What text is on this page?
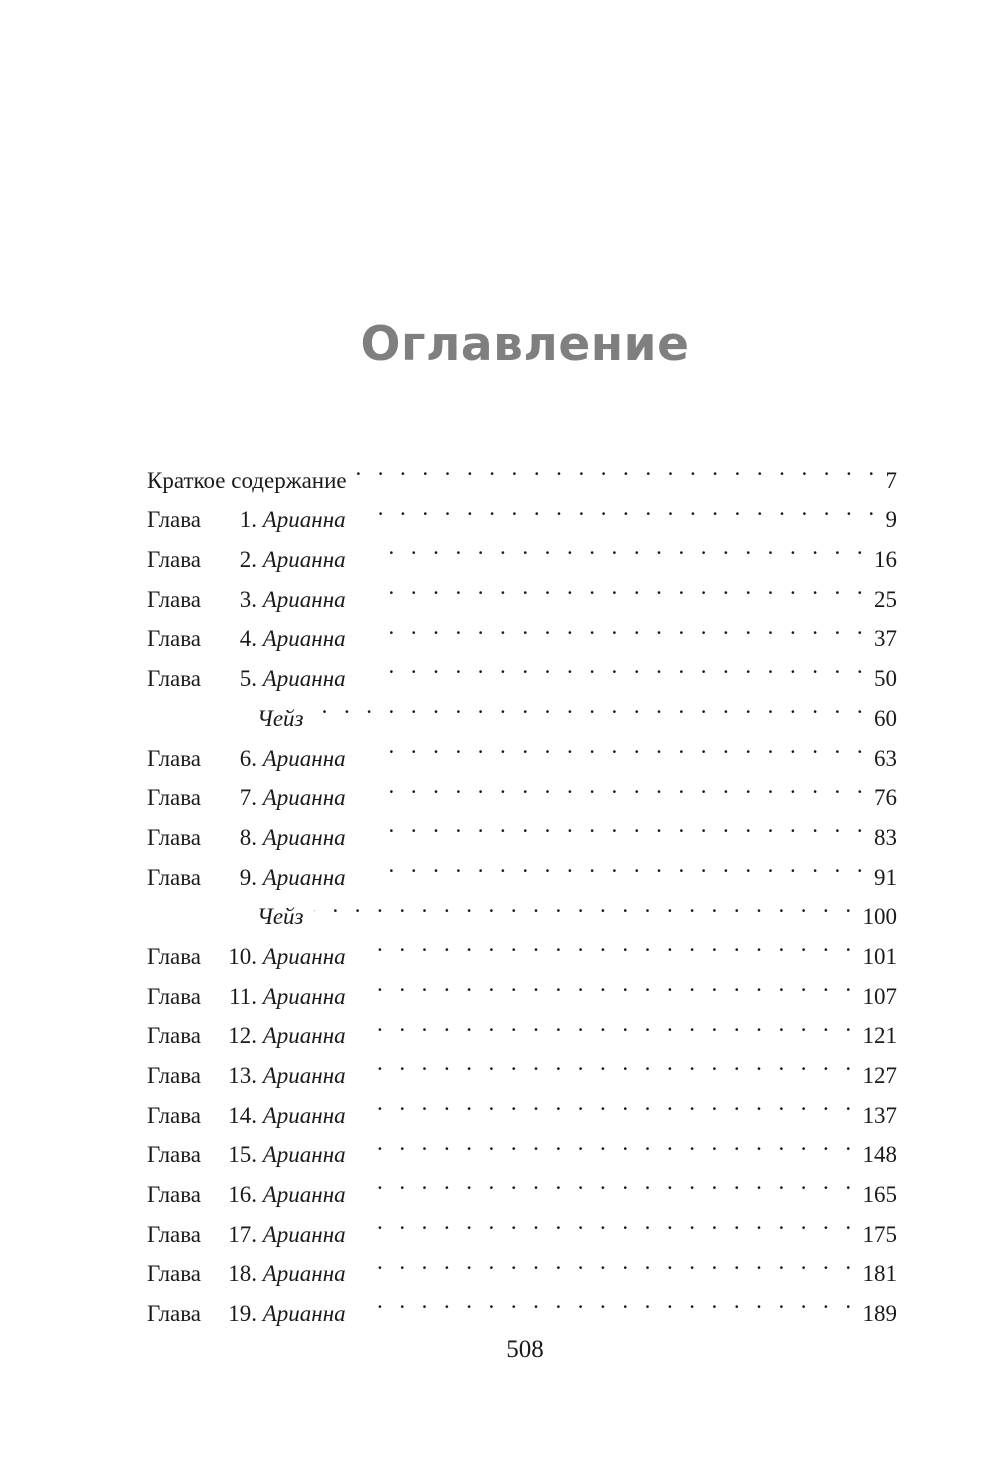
Оглавление
Краткое содержание . . .	7
Глава 1. Арианна . . .	9
Глава 2. Арианна . . .	16
Глава 3. Арианна . . .	25
Глава 4. Арианна . . .	37
Глава 5. Арианна . . .	50
Чейз . . .	60
Глава 6. Арианна . . .	63
Глава 7. Арианна . . .	76
Глава 8. Арианна . . .	83
Глава 9. Арианна . . .	91
Чейз . . .	100
Глава 10. Арианна . . .	101
Глава 11. Арианна . . .	107
Глава 12. Арианна . . .	121
Глава 13. Арианна . . .	127
Глава 14. Арианна . . .	137
Глава 15. Арианна . . .	148
Глава 16. Арианна . . .	165
Глава 17. Арианна . . .	175
Глава 18. Арианна . . .	181
Глава 19. Арианна . . .	189
508
